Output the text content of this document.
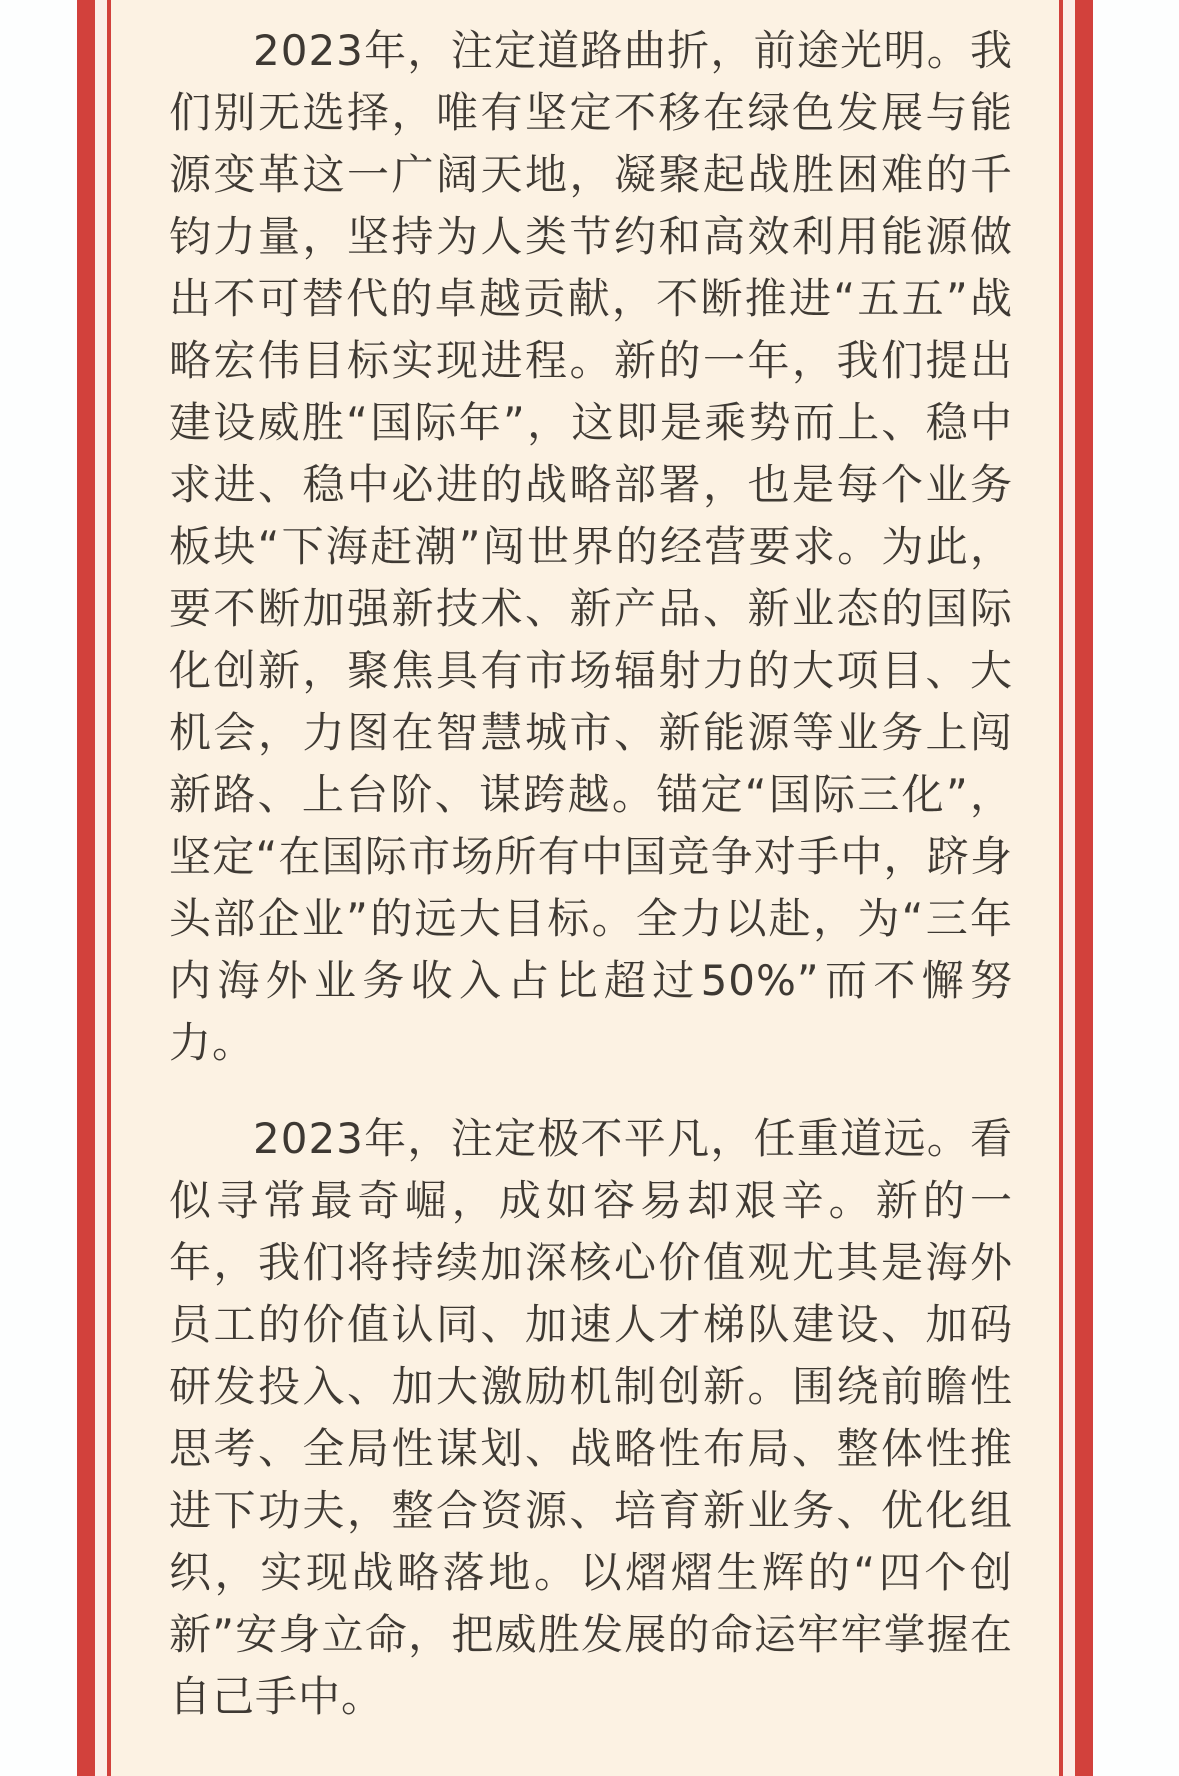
2023年，注定道路曲折，前途光明。我们别无选择，唯有坚定不移在绿色发展与能源变革这一广阔天地，凝聚起战胜困难的千钧力量，坚持为人类节约和高效利用能源做出不可替代的卓越贡献，不断推进“五五”战略宏伟目标实现进程。新的一年，我们提出建设威胜“国际年”，这即是乘势而上、稳中求进、稳中必进的战略部署，也是每个业务板块“下海赶潮”闯世界的经营要求。为此，要不断加强新技术、新产品、新业态的国际化创新，聚焦具有市场辐射力的大项目、大机会，力图在智慧城市、新能源等业务上闯新路、上台阶、谋跨越。锚定“国际三化”，坚定“在国际市场所有中国竞争对手中，跻身头部企业”的远大目标。全力以赴，为“三年内海外业务收入占比超过50%”而不懈努力。

2023年，注定极不平凡，任重道远。看似寻常最奇崛，成如容易却艰辛。新的一年，我们将持续加深核心价值观尤其是海外员工的价值认同、加速人才梯队建设、加码研发投入、加大激励机制创新。围绕前瞻性思考、全局性谋划、战略性布局、整体性推进下功夫，整合资源、培育新业务、优化组织，实现战略落地。以熠熠生辉的“四个创新”安身立命，把威胜发展的命运牢牢掌握在自己手中。
